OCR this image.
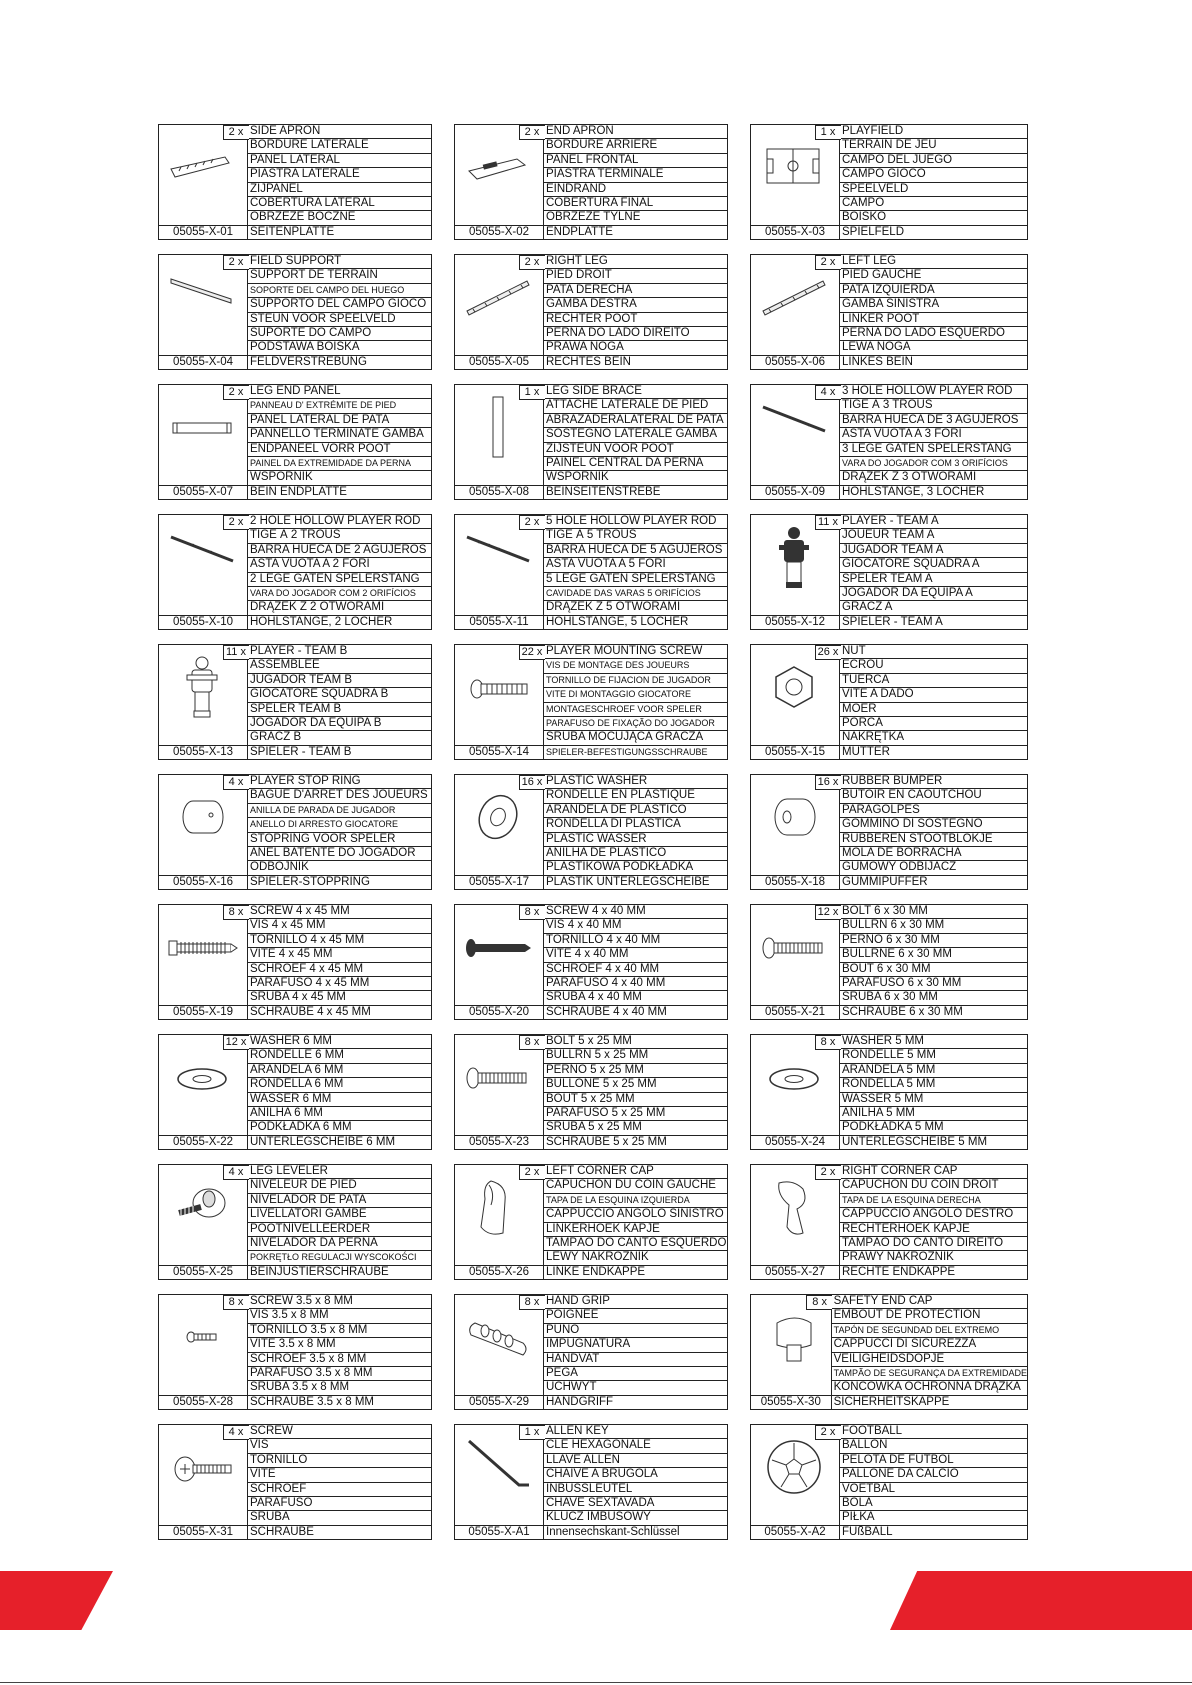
2 x
05055-X-01
SIDE APRON
BORDURE LATÉRALE
PANEL LATERAL
PIASTRA LATERALE
ZIJPANEL
COBERTURA LATERAL
OBRZEŻE BOCZNE
SEITENPLATTE
2 x
05055-X-02
END APRON
BORDURE ARRIÈRE
PANEL FRONTAL
PIASTRA TERMINALE
EINDRAND
COBERTURA FINAL
OBRZEŻE TYLNE
ENDPLATTE
1 x
05055-X-03
PLAYFIELD
TERRAIN DE JEU
CAMPO DEL JUEGO
CAMPO GIOCO
SPEELVELD
CAMPO
BOISKO
SPIELFELD
2 x
05055-X-04
FIELD SUPPORT
SUPPORT DE TERRAIN
SOPORTE DEL CAMPO DEL HUEGO
SUPPORTO DEL CAMPO GIOCO
STEUN VOOR SPEELVELD
SUPORTE DO CAMPO
PODSTAWA BOISKA
FELDVERSTREBUNG
2 x
05055-X-05
RIGHT LEG
PIED DROIT
PATA DERECHA
GAMBA DESTRA
RECHTER POOT
PERNA DO LADO DIREITO
PRAWA NOGA
RECHTES BEIN
2 x
05055-X-06
LEFT LEG
PIED GAUCHE
PATA IZQUIERDA
GAMBA SINISTRA
LINKER POOT
PERNA DO LADO ESQUERDO
LEWA NOGA
LINKES BEIN
2 x
05055-X-07
LEG END PANEL
PANNEAU D' EXTRÉMITE DE PIED
PANEL LATERAL DE PATA
PANNELLO TERMINATE GAMBA
ENDPANEEL VORR POOT
PAINEL DA EXTREMIDADE DA PERNA
WSPORNIK
BEIN ENDPLATTE
1 x
05055-X-08
LEG SIDE BRACE
ATTACHE LATÉRALE DE PIED
ABRAZADERALATERAL DE PATA
SOSTEGNO LATERALE GAMBA
ZIJSTEUN VOOR POOT
PAINEL CENTRAL DA PERNA
WSPORNIK
BEINSEITENSTREBE
4 x
05055-X-09
3 HOLE HOLLOW PLAYER ROD
TIGE Á 3 TROUS
BARRA HUECA DE 3 AGUJEROS
ASTA VUOTA A 3 FORI
3 LEGE GATEN SPELERSTANG
VARA DO JOGADOR COM 3 ORIFÍCIOS
DRĄŻEK Z 3 OTWORAMI
HOHLSTANGE, 3 LÖCHER
2 x
05055-X-10
2 HOLE HOLLOW PLAYER ROD
TIGE Á 2 TROUS
BARRA HUECA DE 2 AGUJEROS
ASTA VUOTA A 2 FORI
2 LEGE GATEN SPELERSTANG
VARA DO JOGADOR COM 2 ORIFÍCIOS
DRĄŻEK Z 2 OTWORAMI
HOHLSTANGE, 2 LÖCHER
2 x
05055-X-11
5 HOLE HOLLOW PLAYER ROD
TIGE Á 5 TROUS
BARRA HUECA DE 5 AGUJEROS
ASTA VUOTA A 5 FORI
5 LEGE GATEN SPELERSTANG
CAVIDADE DAS VARAS 5 ORIFÍCIOS
DRĄŻEK Z 5 OTWORAMI
HOHLSTANGE, 5 LÖCHER
11 x
05055-X-12
PLAYER - TEAM A
JOUEUR TEAM A
JUGADOR TEAM A
GIOCATORE SQUADRA A
SPELER TEAM A
JOGADOR DA EQUIPA A
GRACZ A
SPIELER - TEAM A
11 x
05055-X-13
PLAYER - TEAM B
ASSEMBLÉE
JUGADOR TEAM B
GIOCATORE SQUADRA B
SPELER TEAM B
JOGADOR DA EQUIPA B
GRACZ B
SPIELER - TEAM B
22 x
05055-X-14
PLAYER MOUNTING SCREW
VIS DE MONTAGE DES JOUEURS
TORNILLO DE FIJACION DE JUGADOR
VITE DI MONTAGGIO GIOCATORE
MONTAGESCHROEF VOOR SPELER
PARAFUSO DE FIXAÇÃO DO JOGADOR
ŚRUBA MOCUJĄCA GRACZA
SPIELER-BEFESTIGUNGSSCHRAUBE
26 x
05055-X-15
NUT
ECROU
TUERCA
VITE A DADO
MOER
PORCA
NAKRĘTKA
MUTTER
4 x
05055-X-16
PLAYER STOP RING
BAGUE D'ARRÊT DES JOUEURS
ANILLA DE PARADA DE JUGADOR
ANELLO DI ARRESTO GIOCATORE
STOPRING VOOR SPELER
ANEL BATENTE DO JOGADOR
ODBOJNIK
SPIELER-STOPPRING
16 x
05055-X-17
PLASTIC WASHER
RONDELLE EN PLASTIQUE
ARANDELA DE PLASTICO
RONDELLA DI PLASTICA
PLASTIC WASSER
ANILHA DE PLÁSTICO
PLASTIKOWA PODKŁADKA
PLASTIK UNTERLEGSCHEIBE
16 x
05055-X-18
RUBBER BUMPER
BUTOIR EN CAOUTCHOU
PARAGOLPES
GOMMINO DI SOSTEGNO
RUBBEREN STOOTBLOKJE
MOLA DE BORRACHA
GUMOWY ODBIJACZ
GUMMIPUFFER
8 x
05055-X-19
SCREW 4 x 45 MM
VIS 4 x 45 MM
TORNILLO 4 x 45 MM
VITE 4 x 45 MM
SCHROEF 4 x 45 MM
PARAFUSO 4 x 45 MM
ŚRUBA 4 x 45 MM
SCHRAUBE 4 x 45 MM
8 x
05055-X-20
SCREW 4 x 40 MM
VIS 4 x 40 MM
TORNILLO 4 x 40 MM
VITE 4 x 40 MM
SCHROEF 4 x 40 MM
PARAFUSO 4 x 40 MM
ŚRUBA 4 x 40 MM
SCHRAUBE 4 x 40 MM
12 x
05055-X-21
BOLT 6 x 30 MM
BULLRN 6 x 30 MM
PERNO 6 x 30 MM
BULLRNE 6 x 30 MM
BOUT 6 x 30 MM
PARAFUSO 6 x 30 MM
ŚRUBA 6 x 30 MM
SCHRAUBE 6 x 30 MM
12 x
05055-X-22
WASHER 6 MM
RONDELLE 6 MM
ARANDELA 6 MM
RONDELLA 6 MM
WASSER 6 MM
ANILHA 6 MM
PODKŁADKA 6 MM
UNTERLEGSCHEIBE 6 MM
8 x
05055-X-23
BOLT 5 x 25 MM
BULLRN 5 x 25 MM
PERNO 5 x 25 MM
BULLONE 5 x 25 MM
BOUT 5 x 25 MM
PARAFUSO 5 x 25 MM
ŚRUBA 5 x 25 MM
SCHRAUBE 5 x 25 MM
8 x
05055-X-24
WASHER 5 MM
RONDELLE 5 MM
ARANDELA 5 MM
RONDELLA 5 MM
WASSER 5 MM
ANILHA 5 MM
PODKŁADKA 5 MM
UNTERLEGSCHEIBE 5 MM
4 x
05055-X-25
LEG LEVELER
NIVELEUR DE PIED
NIVELADOR DE PATA
LIVELLATORI GAMBE
POOTNIVELLEERDER
NIVELADOR DA PERNA
POKRĘTŁO REGULACJI WYSCOKOŚCI
BEINJUSTIERSCHRAUBE
2 x
05055-X-26
LEFT CORNER CAP
CAPUCHON DU COIN GAUCHE
TAPA DE LA ESQUINA IZQUIERDA
CAPPUCCIO ANGOLO SINISTRO
LINKERHOEK KAPJE
TAMPÃO DO CANTO ESQUERDO
LEWY NAKROŻNIK
LINKE ENDKAPPE
2 x
05055-X-27
RIGHT CORNER CAP
CAPUCHON DU COIN DROIT
TAPA DE LA ESQUINA DERECHA
CAPPUCCIO ANGOLO DESTRO
RECHTERHOEK KAPJE
TAMPÃO DO CANTO DIREITO
PRAWY NAKROŻNIK
RECHTE ENDKAPPE
8 x
05055-X-28
SCREW 3.5 x 8 MM
VIS 3.5 x 8 MM
TORNILLO 3.5 x 8 MM
VITE 3.5 x 8 MM
SCHROEF 3.5 x 8 MM
PARAFUSO 3.5 x 8 MM
ŚRUBA 3.5 x 8 MM
SCHRAUBE 3.5 x 8 MM
8 x
05055-X-29
HAND GRIP
POIGNÉE
PUNO
IMPUGNATURA
HANDVAT
PEGA
UCHWYT
HANDGRIFF
8 x
05055-X-30
SAFETY END CAP
EMBOUT DE PROTECTION
TAPÓN DE SEGUNDAD DEL EXTREMO
CAPPUCCI DI SICUREZZA
VEILIGHEIDSDOPJE
TAMPÃO DE SEGURANÇA DA EXTREMIDADE
KOŃCÓWKA OCHRONNA DRĄŻKA
SICHERHEITSKAPPE
4 x
05055-X-31
SCREW
VIS
TORNILLO
VITE
SCHROEF
PARAFUSO
ŚRUBA
SCHRAUBE
1 x
05055-X-A1
ALLEN KEY
CLÉ HEXAGONALE
LLAVE ALLEN
CHAIVE A BRUGOLA
INBUSSLEUTEL
CHAVE SEXTAVADA
KLUCZ IMBUSOWY
Innensechskant-Schlüssel
2 x
05055-X-A2
FOOTBALL
BALLON
PELOTA DE FUTBOL
PALLONE DA CALCIO
VOETBAL
BOLA
PIŁKA
FUßBALL
